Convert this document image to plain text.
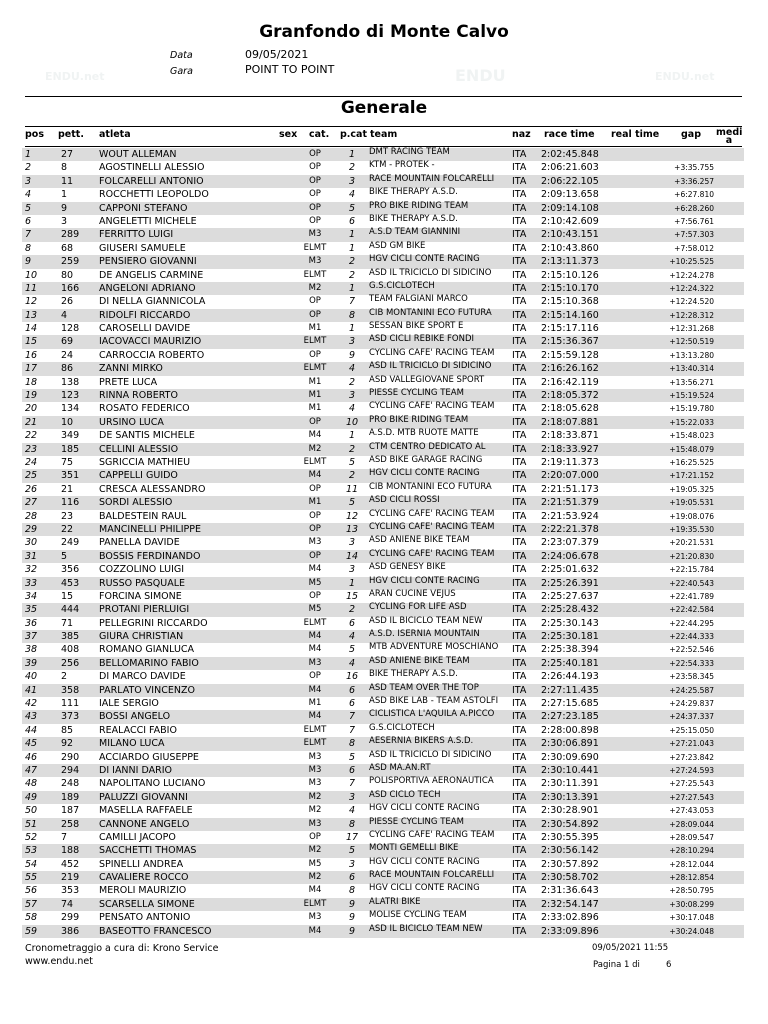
ENDU
ENDU.net	ENDU.net
Granfondo di Monte Calvo
Data	09/05/2021
Gara	POINT TO POINT
Generale
pos pett. atleta	sex cat. p.cat team	naz race time real time gap medi a
1	27	WOUT ALLEMAN	OP	1	DMT RACING TEAM	ITA 2:02:45.848
2	8	AGOSTINELLI ALESSIO	OP	2	KTM - PROTEK -	ITA 2:06:21.603	+3:35.755
3	11	FOLCARELLI ANTONIO	OP	3	RACE MOUNTAIN FOLCARELLI ITA 2:06:22.105	+3:36.257
4	1	ROCCHETTI LEOPOLDO	OP	4	BIKE THERAPY A.S.D.	ITA 2:09:13.658	+6:27.810
5	9	CAPPONI STEFANO	OP	5	PRO BIKE RIDING TEAM	ITA 2:09:14.108	+6:28.260
6	3	ANGELETTI MICHELE	OP	6	BIKE THERAPY A.S.D.	ITA 2:10:42.609	+7:56.761
7	289 FERRITTO LUIGI	M3	1	A.S.D TEAM GIANNINI	ITA 2:10:43.151	+7:57.303
8	68	GIUSERI SAMUELE	ELMT	1	ASD GM BIKE	ITA 2:10:43.860	+7:58.012
9	259 PENSIERO GIOVANNI	M3	2	HGV CICLI CONTE RACING	ITA 2:13:11.373	+10:25.525
10	80	DE ANGELIS CARMINE	ELMT	2	ASD IL TRICICLO DI SIDICINO ITA 2:15:10.126	+12:24.278
11	166 ANGELONI ADRIANO	M2	1	G.S.CICLOTECH	ITA 2:15:10.170	+12:24.322
12	26	DI NELLA GIANNICOLA	OP	7	TEAM FALGIANI MARCO	ITA 2:15:10.368	+12:24.520
13	4	RIDOLFI RICCARDO	OP	8	CIB MONTANINI ECO FUTURA ITA 2:15:14.160	+12:28.312
14	128 CAROSELLI DAVIDE	M1	1	SESSAN BIKE SPORT E	ITA 2:15:17.116	+12:31.268
15	69	IACOVACCI MAURIZIO	ELMT	3	ASD CICLI REBIKE FONDI	ITA 2:15:36.367	+12:50.519
16	24	CARROCCIA ROBERTO	OP	9	CYCLING CAFE' RACING TEAM ITA 2:15:59.128	+13:13.280
17	86	ZANNI MIRKO	ELMT	4	ASD IL TRICICLO DI SIDICINO ITA 2:16:26.162	+13:40.314
18	138 PRETE LUCA	M1	2	ASD VALLEGIOVANE SPORT	ITA 2:16:42.119	+13:56.271
19	123 RINNA ROBERTO	M1	3	PIESSE CYCLING TEAM	ITA 2:18:05.372	+15:19.524
20	134 ROSATO FEDERICO	M1	4	CYCLING CAFE' RACING TEAM ITA 2:18:05.628	+15:19.780
21	10	URSINO LUCA	OP	10 PRO BIKE RIDING TEAM	ITA 2:18:07.881	+15:22.033
22	349 DE SANTIS MICHELE	M4	1	A.S.D. MTB RUOTE MATTE	ITA 2:18:33.871	+15:48.023
23	185 CELLINI ALESSIO	M2	2	CTM CENTRO DEDICATO AL	ITA 2:18:33.927	+15:48.079
24	75	SGRICCIA MATHIEU	ELMT	5	ASD BIKE GARAGE RACING	ITA 2:19:11.373	+16:25.525
25	351 CAPPELLI GUIDO	M4	2	HGV CICLI CONTE RACING	ITA 2:20:07.000	+17:21.152
26	21	CRESCA ALESSANDRO	OP	11 CIB MONTANINI ECO FUTURA ITA 2:21:51.173	+19:05.325
27	116 SORDI ALESSIO	M1	5	ASD CICLI ROSSI	ITA 2:21:51.379	+19:05.531
28	23	BALDESTEIN RAUL	OP	12 CYCLING CAFE' RACING TEAM ITA 2:21:53.924	+19:08.076
29	22	MANCINELLI PHILIPPE	OP	13 CYCLING CAFE' RACING TEAM ITA 2:22:21.378	+19:35.530
30	249 PANELLA DAVIDE	M3	3	ASD ANIENE BIKE TEAM	ITA 2:23:07.379	+20:21.531
31	5	BOSSIS FERDINANDO	OP	14 CYCLING CAFE' RACING TEAM ITA 2:24:06.678	+21:20.830
32	356 COZZOLINO LUIGI	M4	3	ASD GENESY BIKE	ITA 2:25:01.632	+22:15.784
33	453 RUSSO PASQUALE	M5	1	HGV CICLI CONTE RACING	ITA 2:25:26.391	+22:40.543
34	15	FORCINA SIMONE	OP	15 ARAN CUCINE VEJUS	ITA 2:25:27.637	+22:41.789
35	444 PROTANI PIERLUIGI	M5	2	CYCLING FOR LIFE ASD	ITA 2:25:28.432	+22:42.584
36	71	PELLEGRINI RICCARDO	ELMT	6	ASD IL BICICLO TEAM NEW	ITA 2:25:30.143	+22:44.295
37	385 GIURA CHRISTIAN	M4	4	A.S.D. ISERNIA MOUNTAIN	ITA 2:25:30.181	+22:44.333
38	408 ROMANO GIANLUCA	M4	5	MTB ADVENTURE MOSCHIANO ITA 2:25:38.394	+22:52.546
39	256 BELLOMARINO FABIO	M3	4	ASD ANIENE BIKE TEAM	ITA 2:25:40.181	+22:54.333
40	2	DI MARCO DAVIDE	OP	16 BIKE THERAPY A.S.D.	ITA 2:26:44.193	+23:58.345
41	358 PARLATO VINCENZO	M4	6	ASD TEAM OVER THE TOP	ITA 2:27:11.435	+24:25.587
42	111 IALE SERGIO	M1	6	ASD BIKE LAB - TEAM ASTOLFI ITA 2:27:15.685	+24:29.837
43	373 BOSSI ANGELO	M4	7	CICLISTICA L'AQUILA A.PICCO ITA 2:27:23.185	+24:37.337
44	85	REALACCI FABIO	ELMT	7	G.S.CICLOTECH	ITA 2:28:00.898	+25:15.050
45	92	MILANO LUCA	ELMT	8	AESERNIA BIKERS A.S.D.	ITA 2:30:06.891	+27:21.043
46	290 ACCIARDO GIUSEPPE	M3	5	ASD IL TRICICLO DI SIDICINO ITA 2:30:09.690	+27:23.842
47	294 DI IANNI DARIO	M3	6	ASD MA.AN.RT	ITA 2:30:10.441	+27:24.593
48	248 NAPOLITANO LUCIANO	M3	7	POLISPORTIVA AERONAUTICA ITA 2:30:11.391	+27:25.543
49	189 PALUZZI GIOVANNI	M2	3	ASD CICLO TECH	ITA 2:30:13.391	+27:27.543
50	187 MASELLA RAFFAELE	M2	4	HGV CICLI CONTE RACING	ITA 2:30:28.901	+27:43.053
51	258 CANNONE ANGELO	M3	8	PIESSE CYCLING TEAM	ITA 2:30:54.892	+28:09.044
52	7	CAMILLI JACOPO	OP	17 CYCLING CAFE' RACING TEAM ITA 2:30:55.395	+28:09.547
53	188 SACCHETTI THOMAS	M2	5	MONTI GEMELLI BIKE	ITA 2:30:56.142	+28:10.294
54	452 SPINELLI ANDREA	M5	3	HGV CICLI CONTE RACING	ITA 2:30:57.892	+28:12.044
55	219 CAVALIERE ROCCO	M2	6	RACE MOUNTAIN FOLCARELLI ITA 2:30:58.702	+28:12.854
56	353 MEROLI MAURIZIO	M4	8	HGV CICLI CONTE RACING	ITA 2:31:36.643	+28:50.795
57	74	SCARSELLA SIMONE	ELMT	9	ALATRI BIKE	ITA 2:32:54.147	+30:08.299
58	299 PENSATO ANTONIO	M3	9	MOLISE CYCLING TEAM	ITA 2:33:02.896	+30:17.048
59	386 BASEOTTO FRANCESCO	M4	9	ASD IL BICICLO TEAM NEW	ITA 2:33:09.896	+30:24.048
Cronometraggio a cura di: Krono Service
www.endu.net
09/05/2021 11:55
Pagina 1 di	6
